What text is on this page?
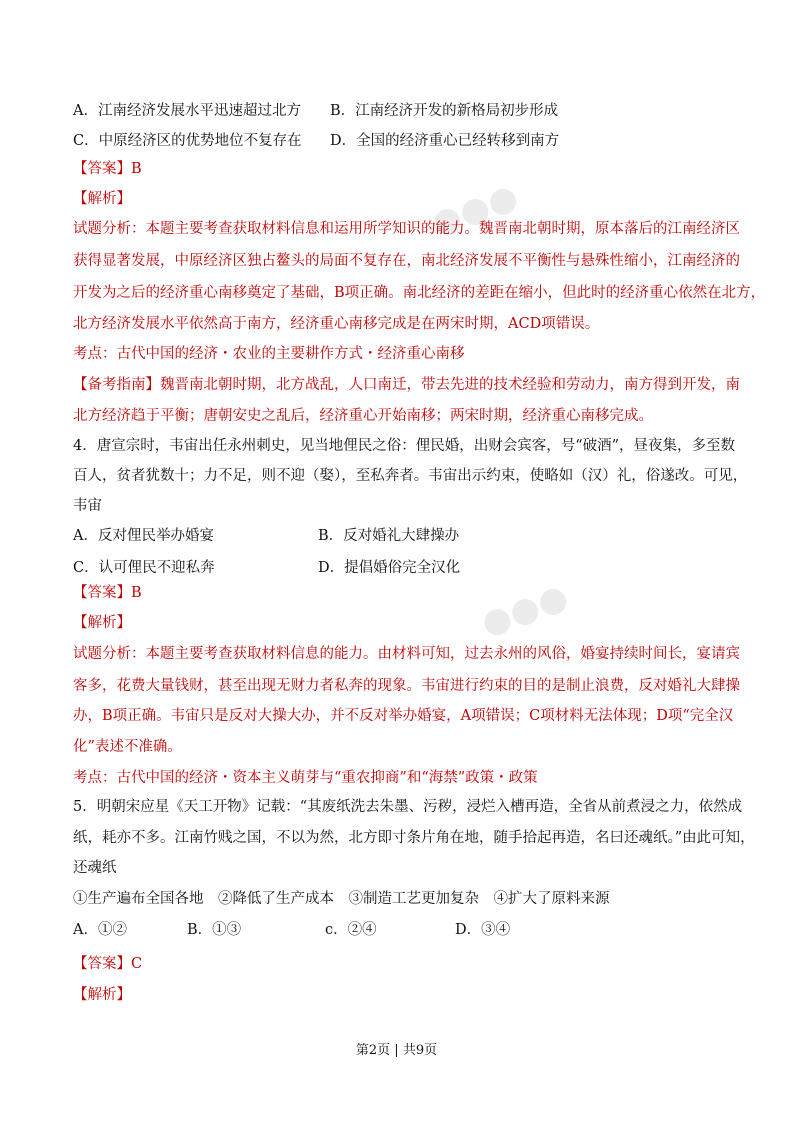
●●●
●●●
A．江南经济发展水平迅速超过北方 B．江南经济开发的新格局初步形成
C．中原经济区的优势地位不复存在 D．全国的经济重心已经转移到南方
【答案】B
【解析】
试题分析：本题主要考查获取材料信息和运用所学知识的能力。魏晋南北朝时期，原本落后的江南经济区
获得显著发展，中原经济区独占鳌头的局面不复存在，南北经济发展不平衡性与悬殊性缩小，江南经济的
开发为之后的经济重心南移奠定了基础，B项正确。南北经济的差距在缩小，但此时的经济重心依然在北方，
北方经济发展水平依然高于南方，经济重心南移完成是在两宋时期，ACD项错误。
考点：古代中国的经济・农业的主要耕作方式・经济重心南移
【备考指南】魏晋南北朝时期，北方战乱，人口南迁，带去先进的技术经验和劳动力，南方得到开发，南
北方经济趋于平衡；唐朝安史之乱后，经济重心开始南移；两宋时期，经济重心南移完成。
4．唐宣宗时，韦宙出任永州刺史，见当地俚民之俗：俚民婚，出财会宾客，号“破酒”，昼夜集，多至数
百人，贫者犹数十；力不足，则不迎（娶），至私奔者。韦宙出示约束，使略如（汉）礼，俗遂改。可见，
韦宙
A．反对俚民举办婚宴	B．反对婚礼大肆操办
C．认可俚民不迎私奔	D．提倡婚俗完全汉化
【答案】B
【解析】
试题分析：本题主要考查获取材料信息的能力。由材料可知，过去永州的风俗，婚宴持续时间长，宴请宾
客多，花费大量钱财，甚至出现无财力者私奔的现象。韦宙进行约束的目的是制止浪费，反对婚礼大肆操
办，B项正确。韦宙只是反对大操大办，并不反对举办婚宴，A项错误；C项材料无法体现；D项“完全汉
化”表述不准确。
考点：古代中国的经济・资本主义萌芽与“重农抑商”和“海禁”政策・政策
5．明朝宋应星《天工开物》记载：“其废纸洗去朱墨、污秽，浸烂入槽再造，全省从前煮浸之力，依然成
纸，耗亦不多。江南竹贱之国，不以为然，北方即寸条片角在地，随手拾起再造，名曰还魂纸。”由此可知，
还魂纸
①生产遍布全国各地　②降低了生产成本　③制造工艺更加复杂　④扩大了原料来源
A．①②	B．①③	c．②④	D．③④
【答案】C
【解析】
第2页 | 共9页
